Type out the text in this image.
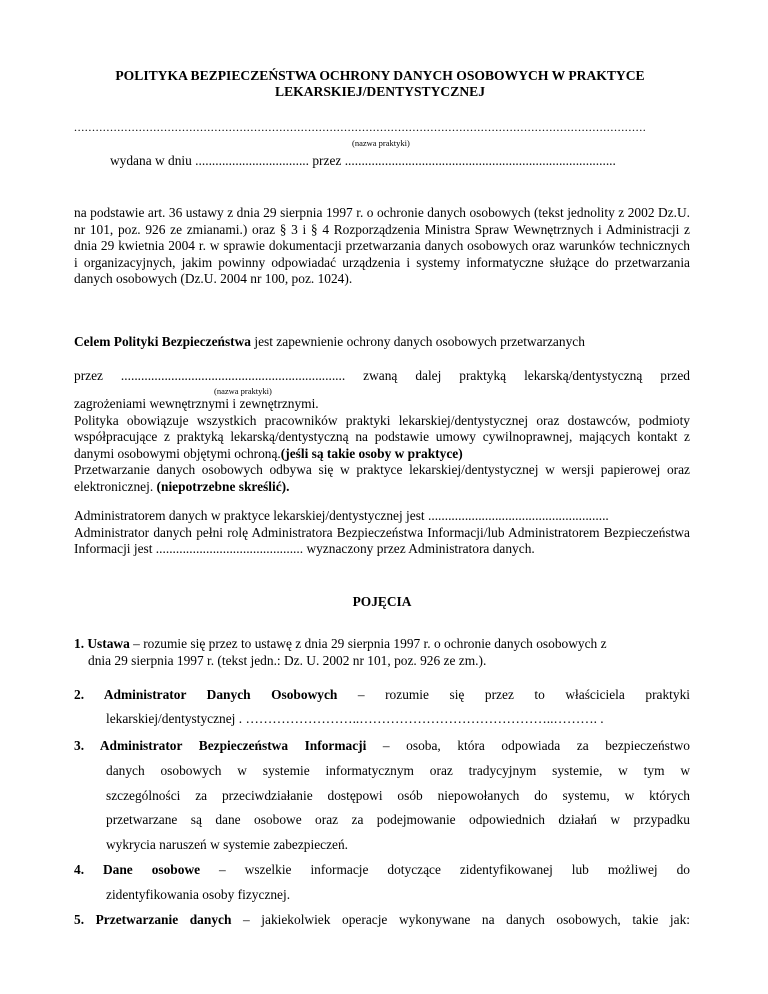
POLITYKA BEZPIECZEŃSTWA OCHRONY DANYCH OSOBOWYCH W PRAKTYCE
LEKARSKIEJ/DENTYSTYCZNEJ
...............................................................................................................................................................
(nazwa praktyki)
wydana w dniu .................................. przez .................................................................................
na podstawie art. 36 ustawy z dnia 29 sierpnia 1997 r. o ochronie danych osobowych (tekst jednolity z 2002 Dz.U. nr 101, poz. 926 ze zmianami.) oraz § 3 i § 4 Rozporządzenia Ministra Spraw Wewnętrznych i Administracji z dnia 29 kwietnia 2004 r. w sprawie dokumentacji przetwarzania danych osobowych oraz warunków technicznych i organizacyjnych, jakim powinny odpowiadać urządzenia i systemy informatyczne służące do przetwarzania danych osobowych (Dz.U. 2004 nr 100, poz. 1024).
Celem Polityki Bezpieczeństwa jest zapewnienie ochrony danych osobowych przetwarzanych
przez ................................................................... zwaną dalej praktyką lekarską/dentystyczną przed
(nazwa praktyki)
zagrożeniami wewnętrznymi i zewnętrznymi.
Polityka obowiązuje wszystkich pracowników praktyki lekarskiej/dentystycznej oraz dostawców, podmioty współpracujące z praktyką lekarską/dentystyczną na podstawie umowy cywilnoprawnej, mających kontakt z danymi osobowymi objętymi ochroną.(jeśli są takie osoby w praktyce)
Przetwarzanie danych osobowych odbywa się w praktyce lekarskiej/dentystycznej w wersji papierowej oraz elektronicznej. (niepotrzebne skreślić).
Administratorem danych w praktyce lekarskiej/dentystycznej jest ......................................................
Administrator danych pełni rolę Administratora Bezpieczeństwa Informacji/lub Administratorem Bezpieczeństwa Informacji jest ............................................ wyznaczony przez Administratora danych.
POJĘCIA
1. Ustawa – rozumie się przez to ustawę z dnia 29 sierpnia 1997 r. o ochronie danych osobowych z
dnia 29 sierpnia 1997 r. (tekst jedn.: Dz. U. 2002 nr 101, poz. 926 ze zm.).
2. Administrator Danych Osobowych – rozumie się przez to właściciela praktyki
lekarskiej/dentystycznej . ……………………..……………………………………..………. .
3. Administrator Bezpieczeństwa Informacji – osoba, która odpowiada za bezpieczeństwo
danych osobowych w systemie informatycznym oraz tradycyjnym systemie, w tym w
szczególności za przeciwdziałanie dostępowi osób niepowołanych do systemu, w których
przetwarzane są dane osobowe oraz za podejmowanie odpowiednich działań w przypadku
wykrycia naruszeń w systemie zabezpieczeń.
4. Dane osobowe – wszelkie informacje dotyczące zidentyfikowanej lub możliwej do
zidentyfikowania osoby fizycznej.
5. Przetwarzanie danych – jakiekolwiek operacje wykonywane na danych osobowych, takie jak:
